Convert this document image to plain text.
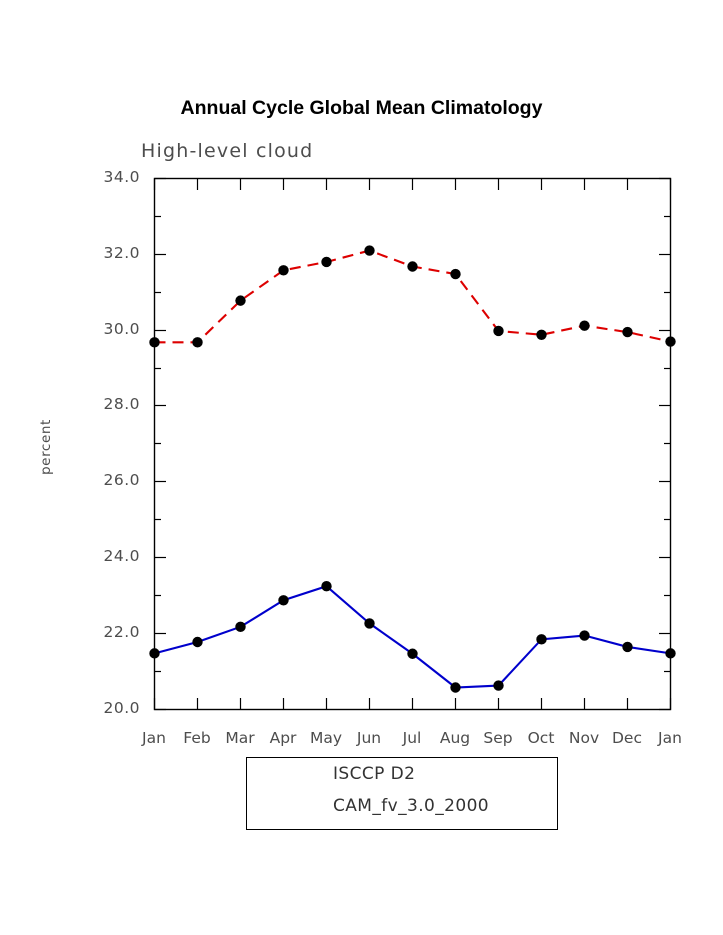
Annual Cycle Global Mean Climatology
High-level cloud
percent
20.0
22.0
24.0
26.0
28.0
30.0
32.0
34.0
Jan Feb Mar Apr May Jun Jul Aug Sep Oct Nov Dec Jan
ISCCP D2
CAM_fv_3.0_2000
